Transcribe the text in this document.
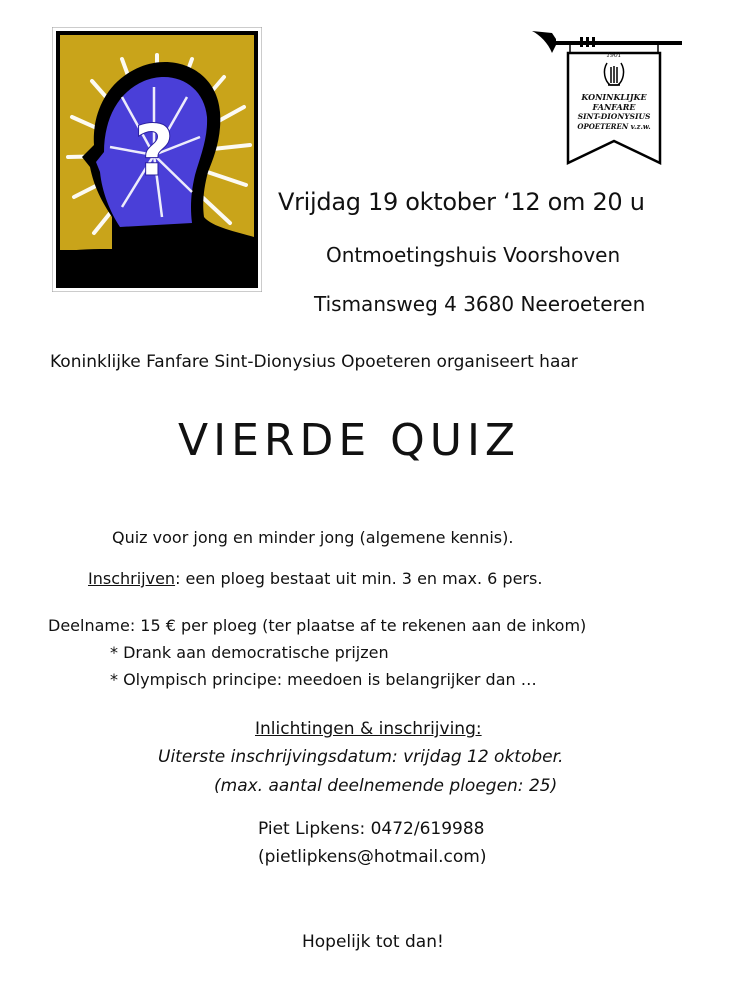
?
1901
KONINKLIJKE
FANFARE
SINT-DIONYSIUS
OPOETEREN v.z.w.
Vrijdag 19 oktober ‘12 om 20 u
Ontmoetingshuis Voorshoven
Tismansweg 4 3680 Neeroeteren
Koninklijke Fanfare Sint-Dionysius Opoeteren organiseert haar
VIERDE QUIZ
Quiz voor jong en minder jong (algemene kennis).
Inschrijven: een ploeg bestaat uit min. 3 en max. 6 pers.
Deelname: 15 € per ploeg (ter plaatse af te rekenen aan de inkom)
* Drank aan democratische prijzen
* Olympisch principe: meedoen is belangrijker dan …
Inlichtingen & inschrijving:
Uiterste inschrijvingsdatum: vrijdag 12 oktober.
(max. aantal deelnemende ploegen: 25)
Piet Lipkens: 0472/619988
(pietlipkens@hotmail.com)
Hopelijk tot dan!
